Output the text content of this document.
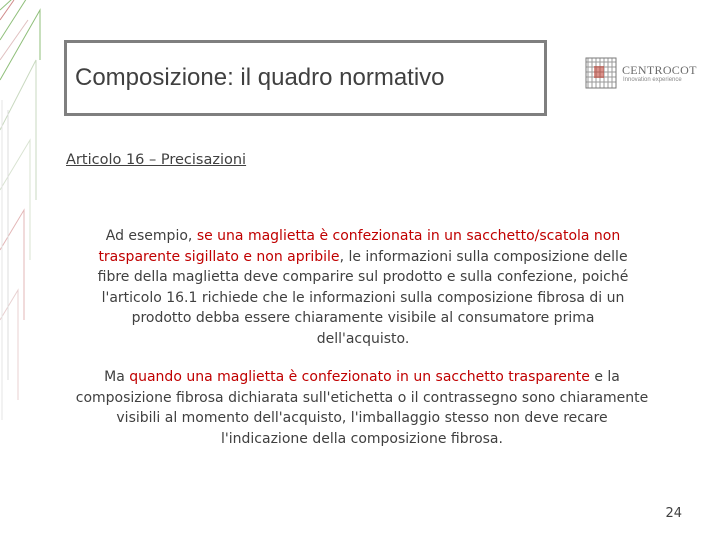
Composizione: il quadro normativo	CENTROCOT
Innovation experience
Articolo 16 – Precisazioni
Ad esempio, se una maglietta è confezionata in un sacchetto/scatola non trasparente sigillato e non apribile, le informazioni sulla composizione delle fibre della maglietta deve comparire sul prodotto e sulla confezione, poiché l'articolo 16.1 richiede che le informazioni sulla composizione fibrosa di un prodotto debba essere chiaramente visibile al consumatore prima dell'acquisto.
Ma quando una maglietta è confezionato in un sacchetto trasparente e la composizione fibrosa dichiarata sull'etichetta o il contrassegno sono chiaramente visibili al momento dell'acquisto, l'imballaggio stesso non deve recare l'indicazione della composizione fibrosa.
24
